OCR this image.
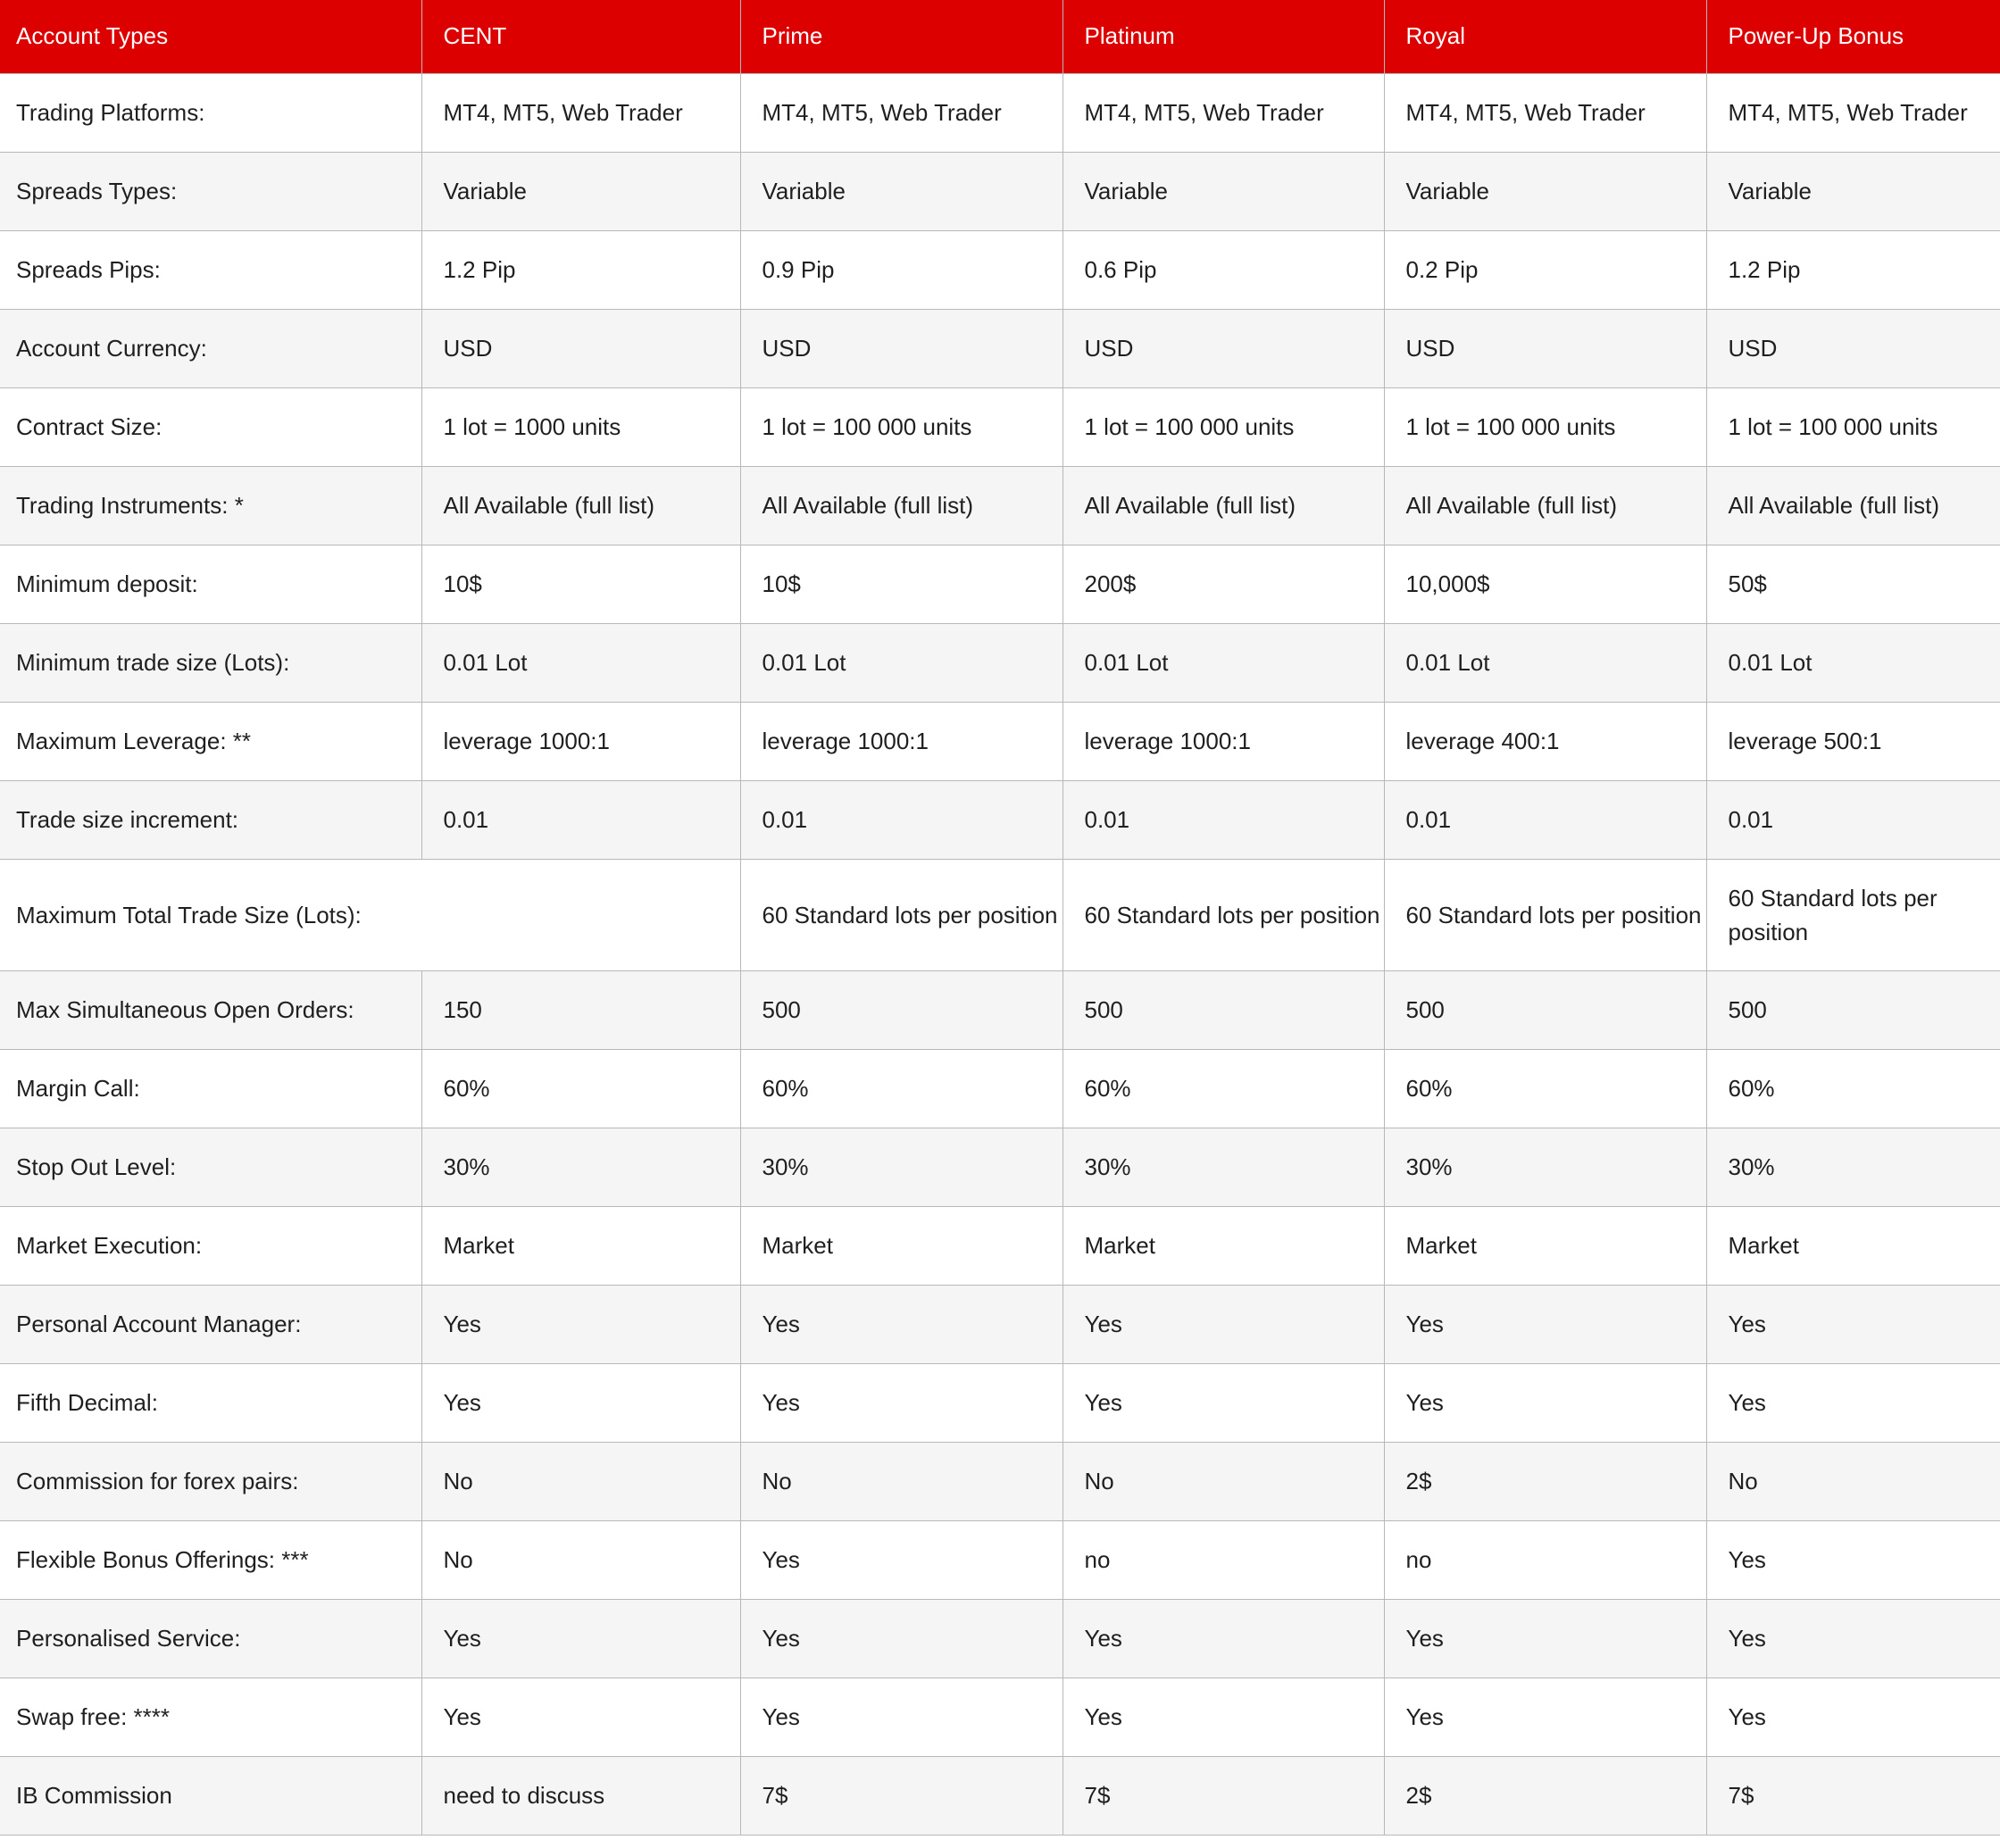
Account Types	CENT	Prime	Platinum	Royal	Power-Up Bonus
Trading Platforms:	MT4, MT5, Web Trader	MT4, MT5, Web Trader	MT4, MT5, Web Trader	MT4, MT5, Web Trader	MT4, MT5, Web Trader
Spreads Types:	Variable	Variable	Variable	Variable	Variable
Spreads Pips:	1.2 Pip	0.9 Pip	0.6 Pip	0.2 Pip	1.2 Pip
Account Currency:	USD	USD	USD	USD	USD
Contract Size:	1 lot = 1000 units	1 lot = 100 000 units	1 lot = 100 000 units	1 lot = 100 000 units	1 lot = 100 000 units
Trading Instruments: *	All Available (full list)	All Available (full list)	All Available (full list)	All Available (full list)	All Available (full list)
Minimum deposit:	10$	10$	200$	10,000$	50$
Minimum trade size (Lots):	0.01 Lot	0.01 Lot	0.01 Lot	0.01 Lot	0.01 Lot
Maximum Leverage: **	leverage 1000:1	leverage 1000:1	leverage 1000:1	leverage 400:1	leverage 500:1
Trade size increment:	0.01	0.01	0.01	0.01	0.01
Maximum Total Trade Size (Lots):		60 Standard lots per position	60 Standard lots per position	60 Standard lots per position	60 Standard lots per position
Max Simultaneous Open Orders:	150	500	500	500	500
Margin Call:	60%	60%	60%	60%	60%
Stop Out Level:	30%	30%	30%	30%	30%
Market Execution:	Market	Market	Market	Market	Market
Personal Account Manager:	Yes	Yes	Yes	Yes	Yes
Fifth Decimal:	Yes	Yes	Yes	Yes	Yes
Commission for forex pairs:	No	No	No	2$	No
Flexible Bonus Offerings: ***	No	Yes	no	no	Yes
Personalised Service:	Yes	Yes	Yes	Yes	Yes
Swap free: ****	Yes	Yes	Yes	Yes	Yes
IB Commission	need to discuss	7$	7$	2$	7$
